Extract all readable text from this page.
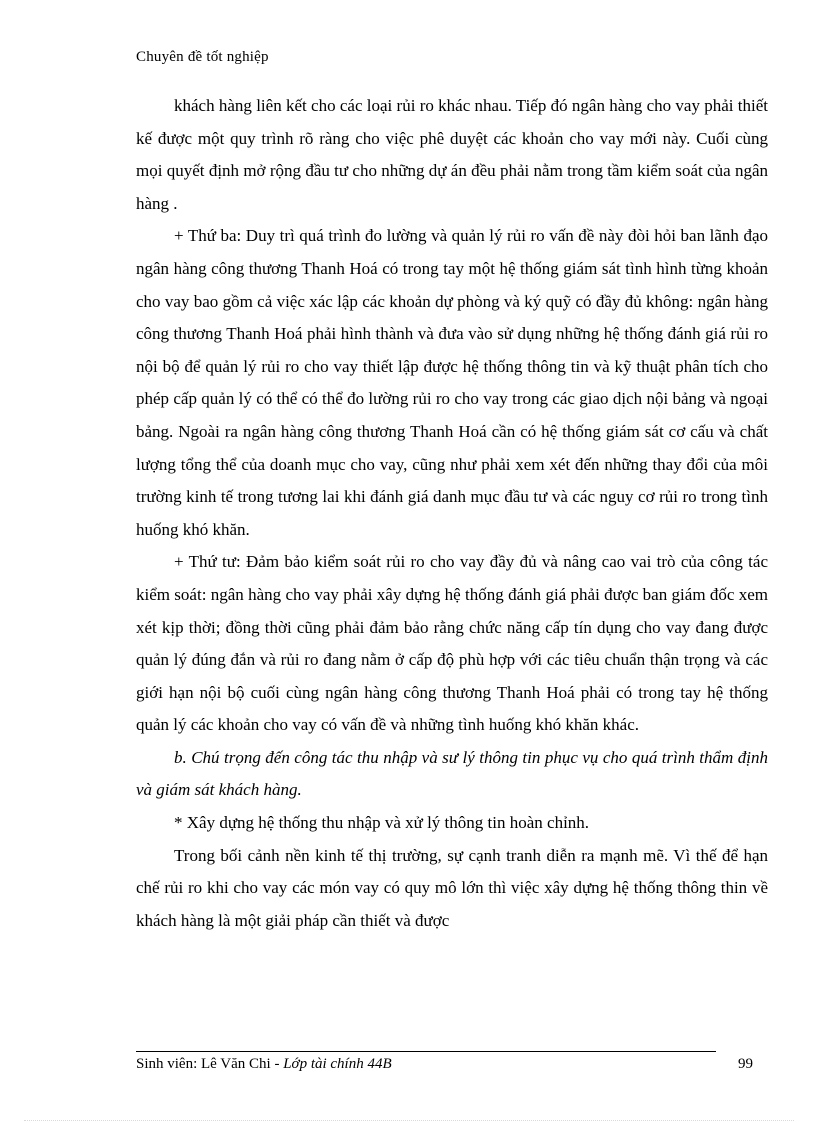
Chuyên đề tốt nghiệp

khách hàng liên kết cho các loại rủi ro khác nhau. Tiếp đó ngân hàng cho vay phải thiết kế được một quy trình rõ ràng cho việc phê duyệt các khoản cho vay mới này. Cuối cùng mọi quyết định mở rộng đầu tư cho những dự án đều phải nằm trong tầm kiểm soát của ngân hàng .

+ Thứ ba: Duy trì quá trình đo lường và quản lý rủi ro vấn đề này đòi hỏi ban lãnh đạo ngân hàng công thương Thanh Hoá có trong tay một hệ thống giám sát tình hình từng khoản cho vay bao gồm cả việc xác lập các khoản dự phòng và ký quỹ có đầy đủ không: ngân hàng công thương Thanh Hoá phải hình thành và đưa vào sử dụng những hệ thống đánh giá rủi ro nội bộ để quản lý rủi ro cho vay thiết lập được hệ thống thông tin và kỹ thuật phân tích cho phép cấp quản lý có thể có thể đo lường rủi ro cho vay trong các giao dịch nội bảng và ngoại bảng. Ngoài ra ngân hàng công thương Thanh Hoá cần có hệ thống giám sát cơ cấu và chất lượng tổng thể của doanh mục cho vay, cũng như phải xem xét đến những thay đổi của môi trường kinh tế trong tương lai khi đánh giá danh mục đầu tư và các nguy cơ rủi ro trong tình huống khó khăn.

+ Thứ tư: Đảm bảo kiểm soát rủi ro cho vay đầy đủ và nâng cao vai trò của công tác kiểm soát: ngân hàng cho vay phải xây dựng hệ thống đánh giá phải được ban giám đốc xem xét kịp thời; đồng thời cũng phải đảm bảo rằng chức năng cấp tín dụng cho vay đang được quản lý đúng đắn và rủi ro đang nằm ở cấp độ phù hợp với các tiêu chuẩn thận trọng và các giới hạn nội bộ cuối cùng ngân hàng công thương Thanh Hoá phải có trong tay hệ thống quản lý các khoản cho vay có vấn đề và những tình huống khó khăn khác.

b. Chú trọng đến công tác thu nhập và sư lý thông tin phục vụ cho quá trình thẩm định và giám sát khách hàng.

* Xây dựng hệ thống thu nhập và xử lý thông tin hoàn chỉnh.

Trong bối cảnh nền kinh tế thị trường, sự cạnh tranh diễn ra mạnh mẽ. Vì thế để hạn chế rủi ro khi cho vay các món vay có quy mô lớn thì việc xây dựng hệ thống thông thin về khách hàng là một giải pháp cần thiết và được

Sinh viên: Lê Văn Chi - Lớp tài chính 44B	99
